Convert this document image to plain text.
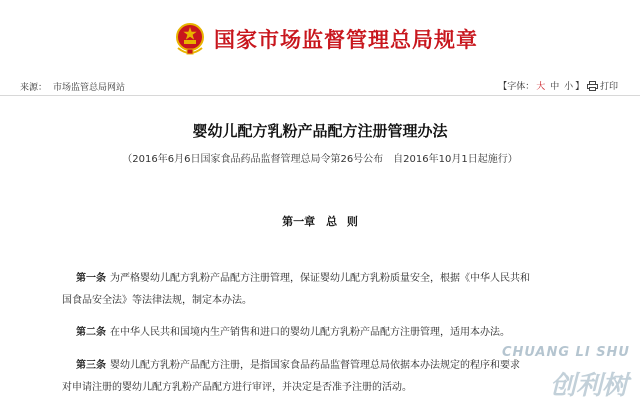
国家市场监督管理总局规章
来源： 市场监管总局网站	【字体： 大 中 小 】 打印
婴幼儿配方乳粉产品配方注册管理办法
（2016年6月6日国家食品药品监督管理总局令第26号公布　自2016年10月1日起施行）
第一章　总 则
第一条 为严格婴幼儿配方乳粉产品配方注册管理，保证婴幼儿配方乳粉质量安全，根据《中华人民共和
国食品安全法》等法律法规，制定本办法。
第二条 在中华人民共和国境内生产销售和进口的婴幼儿配方乳粉产品配方注册管理，适用本办法。
第三条 婴幼儿配方乳粉产品配方注册，是指国家食品药品监督管理总局依据本办法规定的程序和要求
对申请注册的婴幼儿配方乳粉产品配方进行审评，并决定是否准予注册的活动。
CHUANG LI SHU
创利树
